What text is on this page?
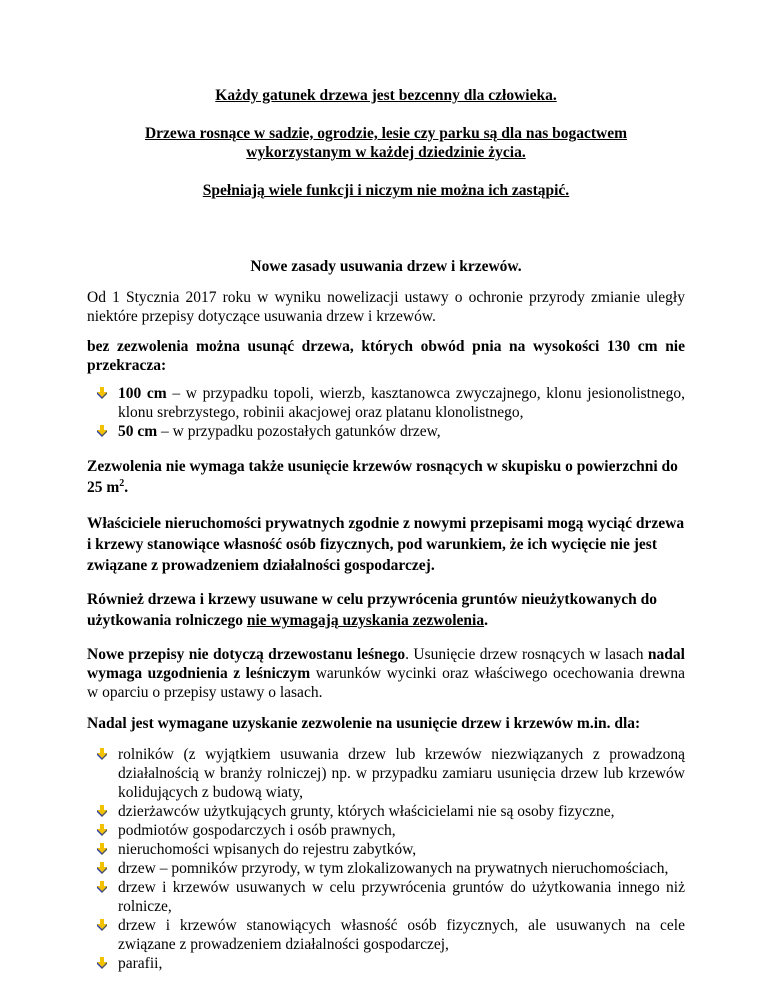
Każdy gatunek drzewa jest bezcenny dla człowieka.

Drzewa rosnące w sadzie, ogrodzie, lesie czy parku są dla nas bogactwem

wykorzystanym w każdej dziedzinie życia.

Spełniają wiele funkcji i niczym nie można ich zastąpić.

Nowe zasady usuwania drzew i krzewów.

Od 1 Stycznia 2017 roku w wyniku nowelizacji ustawy o ochronie przyrody zmianie uległy niektóre przepisy dotyczące usuwania drzew i krzewów.

bez zezwolenia można usunąć drzewa, których obwód pnia na wysokości 130 cm nie przekracza:

100 cm – w przypadku topoli, wierzb, kasztanowca zwyczajnego, klonu jesionolistnego, klonu srebrzystego, robinii akacjowej oraz platanu klonolistnego,
50 cm – w przypadku pozostałych gatunków drzew,

Zezwolenia nie wymaga także usunięcie krzewów rosnących w skupisku o powierzchni do 25 $m^2$.

Właściciele nieruchomości prywatnych zgodnie z nowymi przepisami mogą wyciąć drzewa i krzewy stanowiące własność osób fizycznych, pod warunkiem, że ich wycięcie nie jest związane z prowadzeniem działalności gospodarczej.

Również drzewa i krzewy usuwane w celu przywrócenia gruntów nieużytkowanych do użytkowania rolniczego nie wymagają uzyskania zezwolenia.

Nowe przepisy nie dotyczą drzewostanu leśnego. Usunięcie drzew rosnących w lasach nadal wymaga uzgodnienia z leśniczym warunków wycinki oraz właściwego ocechowania drewna w oparciu o przepisy ustawy o lasach.

Nadal jest wymagane uzyskanie zezwolenie na usunięcie drzew i krzewów m.in. dla:

rolników (z wyjątkiem usuwania drzew lub krzewów niezwiązanych z prowadzoną działalnością w branży rolniczej) np. w przypadku zamiaru usunięcia drzew lub krzewów kolidujących z budową wiaty,
dzierżawców użytkujących grunty, których właścicielami nie są osoby fizyczne,
podmiotów gospodarczych i osób prawnych,
nieruchomości wpisanych do rejestru zabytków,
drzew – pomników przyrody, w tym zlokalizowanych na prywatnych nieruchomościach,
drzew i krzewów usuwanych w celu przywrócenia gruntów do użytkowania innego niż rolnicze,
drzew i krzewów stanowiących własność osób fizycznych, ale usuwanych na cele związane z prowadzeniem działalności gospodarczej,
parafii,
